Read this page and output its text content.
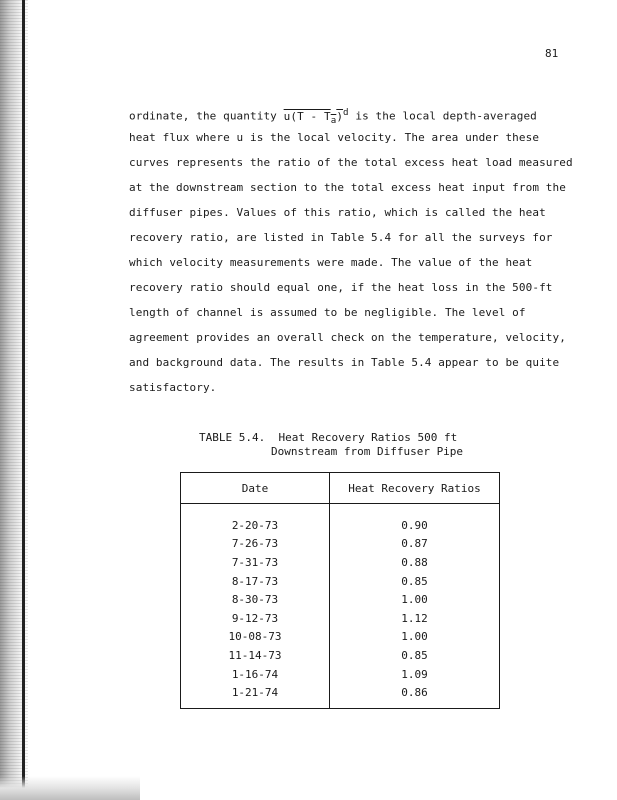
81
ordinate, the quantity $u(T - T_a)^d$ is the local depth-averaged
heat flux where u is the local velocity. The area under these
curves represents the ratio of the total excess heat load measured
at the downstream section to the total excess heat input from the
diffuser pipes. Values of this ratio, which is called the heat
recovery ratio, are listed in Table 5.4 for all the surveys for
which velocity measurements were made. The value of the heat
recovery ratio should equal one, if the heat loss in the 500-ft
length of channel is assumed to be negligible. The level of
agreement provides an overall check on the temperature, velocity,
and background data. The results in Table 5.4 appear to be quite
satisfactory.
TABLE 5.4.  Heat Recovery Ratios 500 ft
Downstream from Diffuser Pipe
Date	Heat Recovery Ratios
2-20-73	0.90
7-26-73	0.87
7-31-73	0.88
8-17-73	0.85
8-30-73	1.00
9-12-73	1.12
10-08-73	1.00
11-14-73	0.85
1-16-74	1.09
1-21-74	0.86
